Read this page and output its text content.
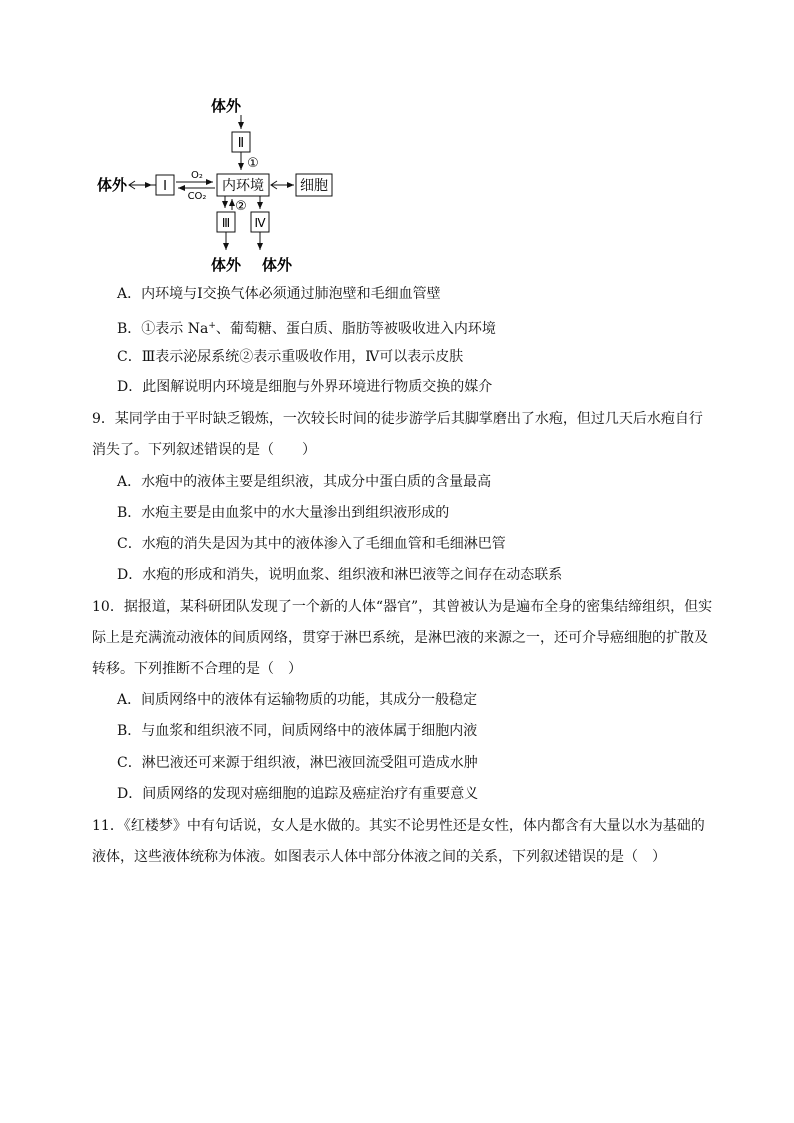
体外
Ⅱ
①
体外	Ⅰ
O₂
CO₂
内环境	细胞
②
Ⅲ Ⅳ
体外 体外
A．内环境与Ⅰ交换气体必须通过肺泡壁和毛细血管壁
B．①表示 Na+、葡萄糖、蛋白质、脂肪等被吸收进入内环境
C．Ⅲ表示泌尿系统②表示重吸收作用，Ⅳ可以表示皮肤
D．此图解说明内环境是细胞与外界环境进行物质交换的媒介
9．某同学由于平时缺乏锻炼，一次较长时间的徒步游学后其脚掌磨出了水疱，但过几天后水疱自行
消失了。下列叙述错误的是（　　）
A．水疱中的液体主要是组织液，其成分中蛋白质的含量最高
B．水疱主要是由血浆中的水大量渗出到组织液形成的
C．水疱的消失是因为其中的液体渗入了毛细血管和毛细淋巴管
D．水疱的形成和消失，说明血浆、组织液和淋巴液等之间存在动态联系
10．据报道，某科研团队发现了一个新的人体“器官”，其曾被认为是遍布全身的密集结缔组织，但实
际上是充满流动液体的间质网络，贯穿于淋巴系统，是淋巴液的来源之一，还可介导癌细胞的扩散及
转移。下列推断不合理的是（　）
A．间质网络中的液体有运输物质的功能，其成分一般稳定
B．与血浆和组织液不同，间质网络中的液体属于细胞内液
C．淋巴液还可来源于组织液，淋巴液回流受阻可造成水肿
D．间质网络的发现对癌细胞的追踪及癌症治疗有重要意义
11．《红楼梦》中有句话说，女人是水做的。其实不论男性还是女性，体内都含有大量以水为基础的
液体，这些液体统称为体液。如图表示人体中部分体液之间的关系，下列叙述错误的是（　）
